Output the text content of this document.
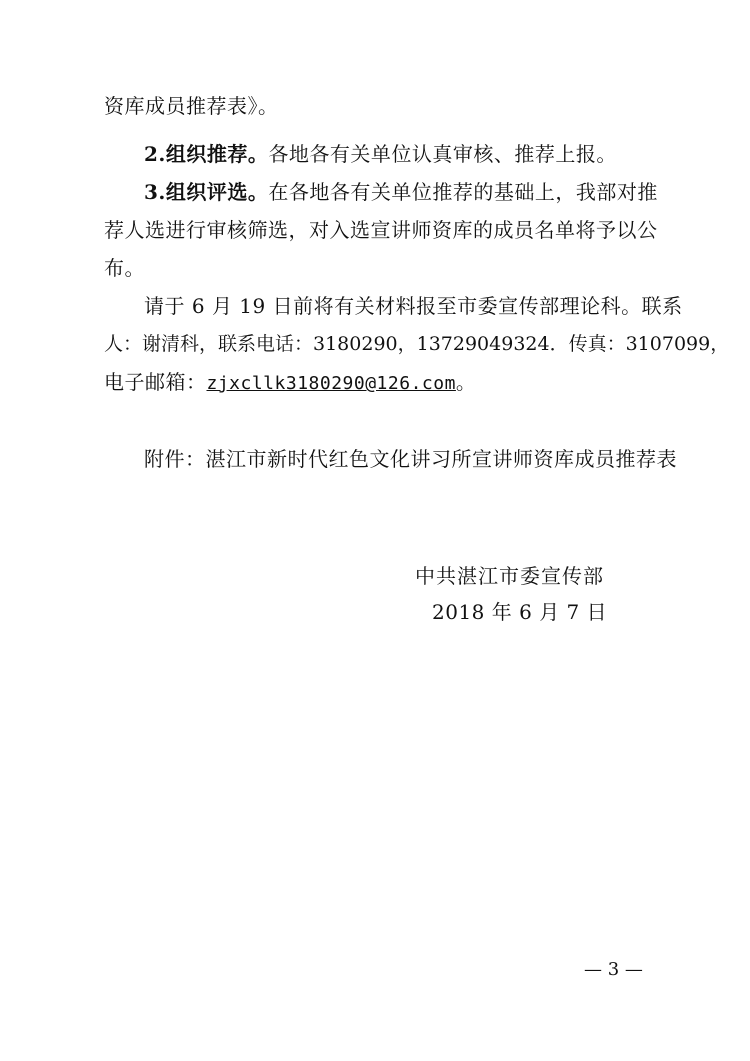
资库成员推荐表》。
2.组织推荐。各地各有关单位认真审核、推荐上报。
3.组织评选。在各地各有关单位推荐的基础上，我部对推
荐人选进行审核筛选，对入选宣讲师资库的成员名单将予以公
布。
请于 6 月 19 日前将有关材料报至市委宣传部理论科。联系
人：谢清科，联系电话：3180290，13729049324．传真：3107099，
电子邮箱：zjxcllk3180290@126.com。
附件：湛江市新时代红色文化讲习所宣讲师资库成员推荐表
中共湛江市委宣传部
2018 年 6 月 7 日
— 3 —
